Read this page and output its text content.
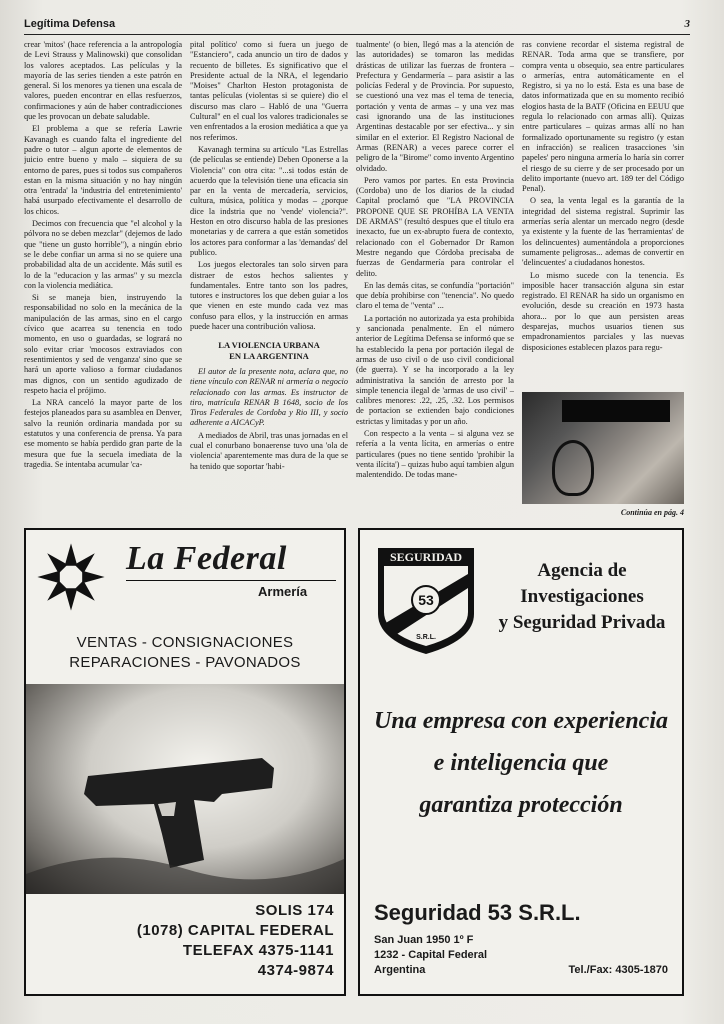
Legítima Defensa	3

crear 'mitos' (hace referencia a la antropología de Levi Strauss y Malinowski) que consolidan los valores aceptados. Las películas y la mayoría de las series tienden a este patrón en general. Si los menores ya tienen una escala de valores, pueden encontrar en ellas resfuerzos, confirmaciones y aún de haber contradicciones que les provocan un debate saludable.

El problema a que se refería Lawrie Kavanagh es cuando falta el ingrediente del padre o tutor – algun aporte de elementos de juicio entre bueno y malo – siquiera de su entorno de pares, pues si todos sus compañeros estan en la misma situación y no hay ningún otra 'entrada' la 'industria del entretenimiento' habá usurpado efectivamente el desarrollo de los chicos.

Decimos con frecuencia que "el alcohol y la pólvora no se deben mezclar" (dejemos de lado que "tiene un gusto horrible"), a ningún ebrio se le debe confiar un arma si no se quiere una probabilidad alta de un accidente. Más sutil es lo de la "educacion y las armas" y su mezcla con la violencia mediática.

Si se maneja bien, instruyendo la responsabilidad no solo en la mecánica de la manipulación de las armas, sino en el cargo cívico que acarrea su tenencia en todo momento, en uso o guardadas, se logrará no solo evitar criar 'mocosos extraviados con resentimientos y sed de venganza' sino que se hará un aporte valioso a formar ciudadanos mas dignos, con un sentido agudizado de respeto hacia el prójimo.

La NRA canceló la mayor parte de los festejos planeados para su asamblea en Denver, salvo la reunión ordinaria mandada por su estatutos y una conferencia de prensa. Ya para ese momento se había perdido gran parte de la mesura que fue la secuela imediata de la tragedia. Se intentaba acumular 'ca-

pital político' como si fuera un juego de "Estanciero", cada anuncio un tiro de dados y recuento de billetes. Es significativo que el Presidente actual de la NRA, el legendario "Moises" Charlton Heston protagonista de tantas películas (violentas si se quiere) dio el discurso mas claro – Habló de una "Guerra Cultural" en el cual los valores tradicionales se ven enfrentados a la erosion mediática a que ya nos referimos.

Kavanagh termina su artículo "Las Estrellas (de películas se entiende) Deben Oponerse a la Violencia" con otra cita: "...si todos están de acuerdo que la televisión tiene una eficacia sin par en la venta de mercadería, servicios, cultura, música, política y modas – ¿porque dice la indstria que no 'vende' violencia?". Heston en otro discurso habla de las presiones monetarias y de carrera a que están sometidos los actores para conformar a las 'demandas' del publico.

Los juegos electorales tan solo sirven para distraer de estos hechos salientes y fundamentales. Entre tanto son los padres, tutores e instructores los que deben guiar a los que vienen en este mundo cada vez mas confuso para ellos, y la instrucción en armas puede hacer una contribución valiosa.

LA VIOLENCIA URBANA
EN LA ARGENTINA

El autor de la presente nota, aclara que, no tiene vínculo con RENAR ni armería o negocio relacionado con las armas. Es instructor de tiro, matrícula RENAR B 1648, socio de los Tiros Federales de Cordoba y Rio III, y socio adherente a AICACyP.

A mediados de Abril, tras unas jornadas en el cual el conurbano bonaerense tuvo una 'ola de violencia' aparentemente mas dura de la que se ha tenido que soportar 'habi-

tualmente' (o bien, llegó mas a la atención de las autoridades) se tomaron las medidas drásticas de utilizar las fuerzas de frontera – Prefectura y Gendarmería – para asistir a las policías Federal y de Provincia. Por supuesto, se cuestionó una vez mas el tema de tenecia, portación y venta de armas – y una vez mas casi ignorando una de las instituciones Argentinas destacable por ser efectiva... y sin similar en el exterior. El Registro Nacional de Armas (RENAR) a veces parece correr el peligro de la "Birome" como invento Argentino olvidado.

Pero vamos por partes. En esta Provincia (Cordoba) uno de los diarios de la ciudad Capital proclamó que "LA PROVINCIA PROPONE QUE SE PROHÍBA LA VENTA DE ARMAS" (resultó despues que el título era inexacto, fue un ex-abrupto fuera de contexto, relacionado con el Gobernador Dr Ramon Mestre negando que Córdoba precisaba de fuerzas de Gendarmería para controlar el delito.

En las demás citas, se confundía "portación" que debía prohibirse con "tenencia". No quedo claro el tema de "venta" ...

La portación no autorizada ya esta prohibida y sancionada penalmente. En el número anterior de Legítima Defensa se informó que se ha establecido la pena por portación ilegal de armas de uso civil o de uso civil condicional (de guerra). Y se ha incorporado a la ley administrativa la sanción de arresto por la simple tenencia ilegal de 'armas de uso civil' – calibres menores: .22, .25, .32. Los permisos de portacion se extienden bajo condiciones estrictas y limitadas y por un año.

Con respecto a la venta – si alguna vez se refería a la venta lícita, en armerías o entre particulares (pues no tiene sentido 'prohibir la venta ilícita') – quizas hubo aquí tambien algun malentendido. De todas mane-

ras conviene recordar el sistema registral de RENAR. Toda arma que se transfiere, por compra venta u obsequio, sea entre particulares o armerías, entra automáticamente en el Registro, si ya no lo está. Esta es una base de datos informatizada que en su momento recibió elogios hasta de la BATF (Oficina en EEUU que regula lo relacionado con armas allí). Quizas entre particulares – quizas armas allí no han formalizado oportunamente su registro (y estan en infracción) se realicen trasacciones 'sin papeles' pero ninguna armería lo haría sin correr el riesgo de su cierre y de ser procesado por un delito importante (nuevo art. 189 ter del Código Penal).

O sea, la venta legal es la garantía de la integridad del sistema registral. Suprimir las armerías sería alentar un mercado negro (desde ya existente y la fuente de las 'herramientas' de los delincuentes) aumentándola a proporciones sumamente peligrosas... ademas de convertir en 'delincuentes' a ciudadanos honestos.

Lo mismo sucede con la tenencia. Es imposible hacer transacción alguna sin estar registrado. El RENAR ha sido un organismo en evolución, desde su creación en 1973 hasta ahora... por lo que aun persisten areas desparejas, muchos usuarios tienen sus empadronamientos parciales y las nuevas disposiciones establecen plazos para regu-

Continúa en pág. 4
La Federal
Armería
VENTAS - CONSIGNACIONES
REPARACIONES - PAVONADOS
SOLIS 174
(1078) CAPITAL FEDERAL
TELEFAX 4375-1141
4374-9874
SEGURIDAD
53
S.R.L.
Agencia de
Investigaciones
y Seguridad Privada
Una empresa con experiencia
e inteligencia que
garantiza protección
Seguridad 53 S.R.L.
San Juan 1950 1º F
1232 - Capital Federal
Argentina	Tel./Fax: 4305-1870
